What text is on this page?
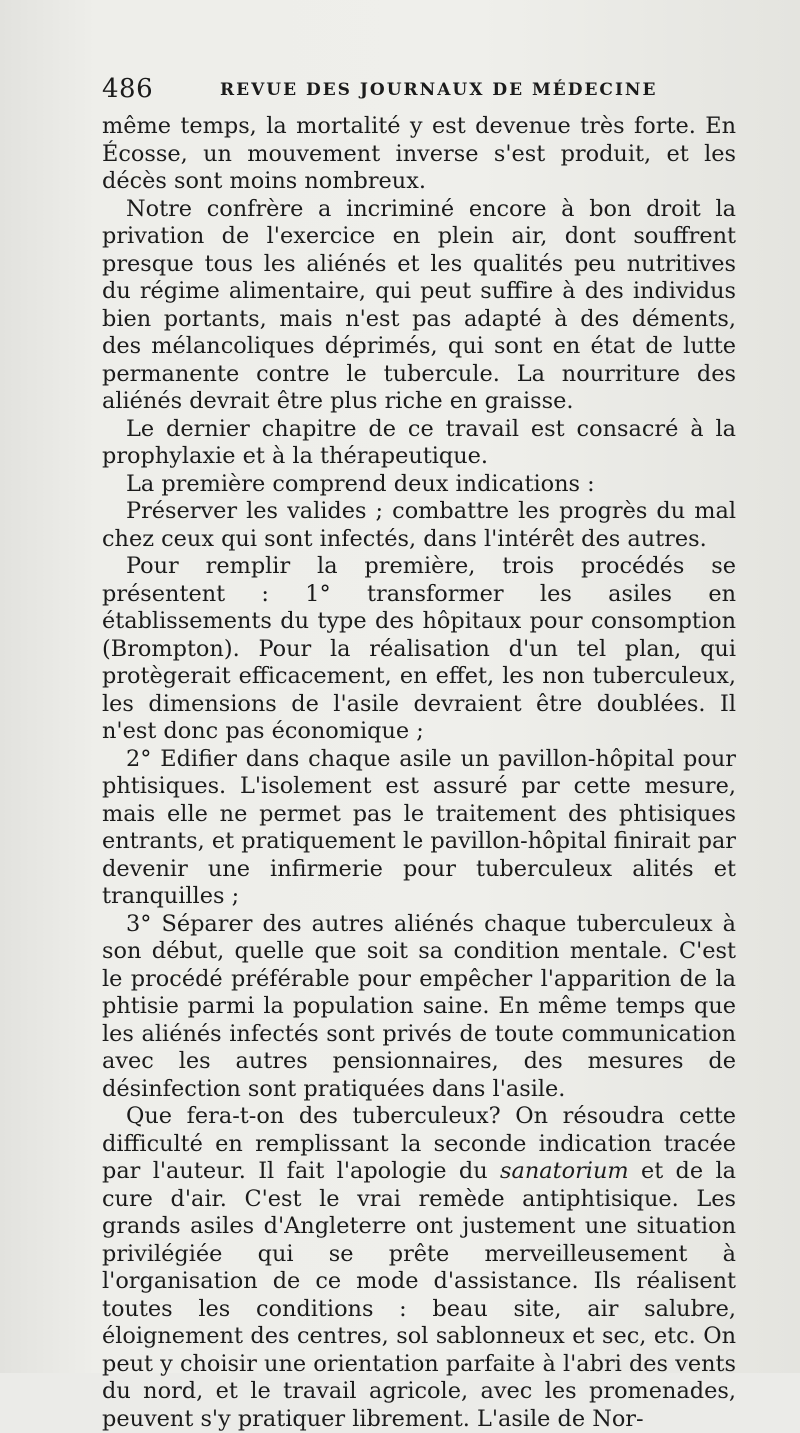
486	REVUE DES JOURNAUX DE MÉDECINE

même temps, la mortalité y est devenue très forte. En Écosse, un mouvement inverse s'est produit, et les décès sont moins nombreux.

Notre confrère a incriminé encore à bon droit la privation de l'exercice en plein air, dont souffrent presque tous les aliénés et les qualités peu nutritives du régime alimentaire, qui peut suffire à des individus bien portants, mais n'est pas adapté à des déments, des mélancoliques déprimés, qui sont en état de lutte permanente contre le tubercule. La nourriture des aliénés devrait être plus riche en graisse.

Le dernier chapitre de ce travail est consacré à la prophylaxie et à la thérapeutique.

La première comprend deux indications :

Préserver les valides ; combattre les progrès du mal chez ceux qui sont infectés, dans l'intérêt des autres.

Pour remplir la première, trois procédés se présentent : 1° transformer les asiles en établissements du type des hôpitaux pour consomption (Brompton). Pour la réalisation d'un tel plan, qui protègerait efficacement, en effet, les non tuberculeux, les dimensions de l'asile devraient être doublées. Il n'est donc pas économique ;

2° Edifier dans chaque asile un pavillon-hôpital pour phtisiques. L'isolement est assuré par cette mesure, mais elle ne permet pas le traitement des phtisiques entrants, et pratiquement le pavillon-hôpital finirait par devenir une infirmerie pour tuberculeux alités et tranquilles ;

3° Séparer des autres aliénés chaque tuberculeux à son début, quelle que soit sa condition mentale. C'est le procédé préférable pour empêcher l'apparition de la phtisie parmi la population saine. En même temps que les aliénés infectés sont privés de toute communication avec les autres pensionnaires, des mesures de désinfection sont pratiquées dans l'asile.

Que fera-t-on des tuberculeux? On résoudra cette difficulté en remplissant la seconde indication tracée par l'auteur. Il fait l'apologie du sanatorium et de la cure d'air. C'est le vrai remède antiphtisique. Les grands asiles d'Angleterre ont justement une situation privilégiée qui se prête merveilleusement à l'organisation de ce mode d'assistance. Ils réalisent toutes les conditions : beau site, air salubre, éloignement des centres, sol sablonneux et sec, etc. On peut y choisir une orientation parfaite à l'abri des vents du nord, et le travail agricole, avec les promenades, peuvent s'y pratiquer librement. L'asile de Nor-
